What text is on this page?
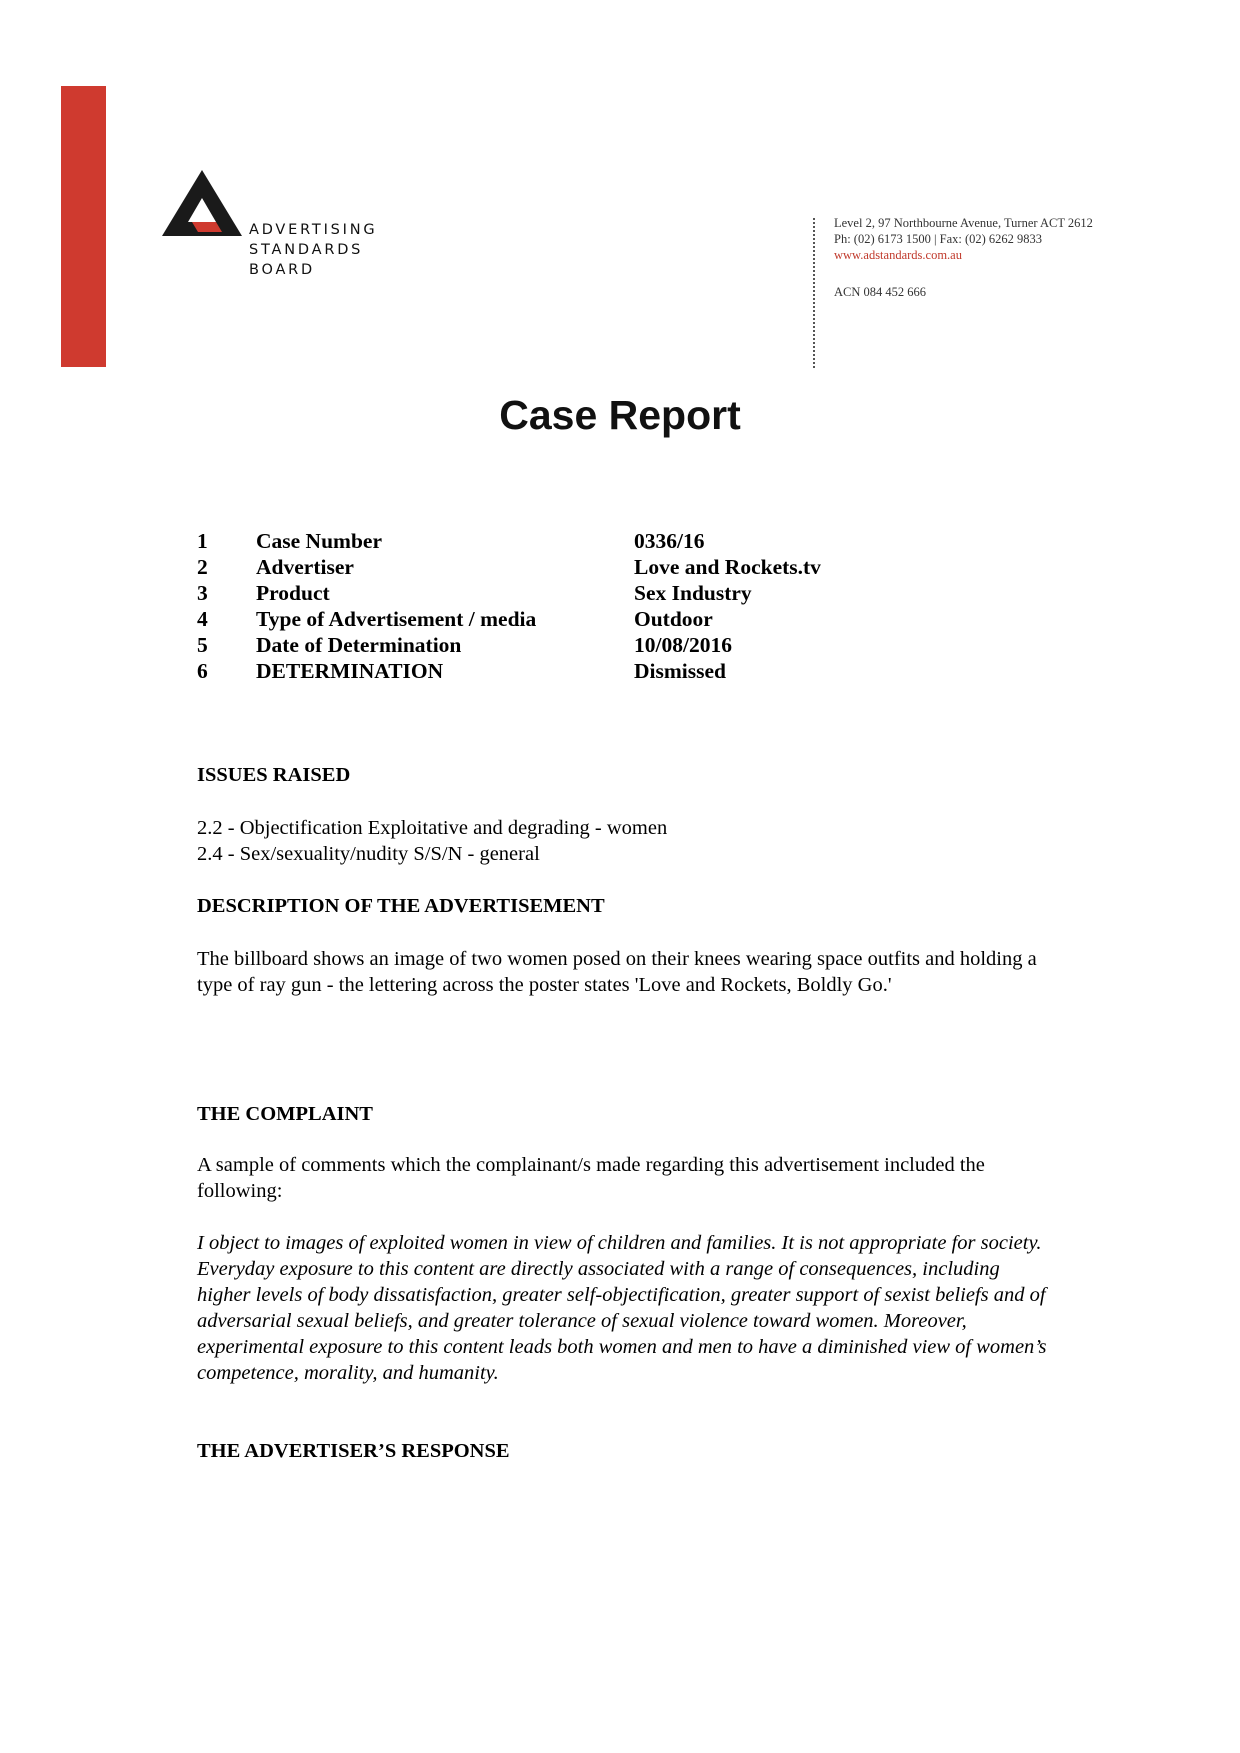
ADVERTISING
STANDARDS
BOARD
Level 2, 97 Northbourne Avenue, Turner ACT 2612
Ph: (02) 6173 1500 | Fax: (02) 6262 9833
www.adstandards.com.au
ACN 084 452 666
Case Report
1	Case Number	0336/16
2	Advertiser	Love and Rockets.tv
3	Product	Sex Industry
4	Type of Advertisement / media	Outdoor
5	Date of Determination	10/08/2016
6	DETERMINATION	Dismissed
ISSUES RAISED
2.2 - Objectification Exploitative and degrading - women
2.4 - Sex/sexuality/nudity S/S/N - general
DESCRIPTION OF THE ADVERTISEMENT

The billboard shows an image of two women posed on their knees wearing space outfits and holding a type of ray gun - the lettering across the poster states 'Love and Rockets, Boldly Go.'

THE COMPLAINT

A sample of comments which the complainant/s made regarding this advertisement included the following:

I object to images of exploited women in view of children and families. It is not appropriate for society. Everyday exposure to this content are directly associated with a range of consequences, including higher levels of body dissatisfaction, greater self-objectification, greater support of sexist beliefs and of adversarial sexual beliefs, and greater tolerance of sexual violence toward women. Moreover, experimental exposure to this content leads both women and men to have a diminished view of women’s competence, morality, and humanity.

THE ADVERTISER’S RESPONSE
